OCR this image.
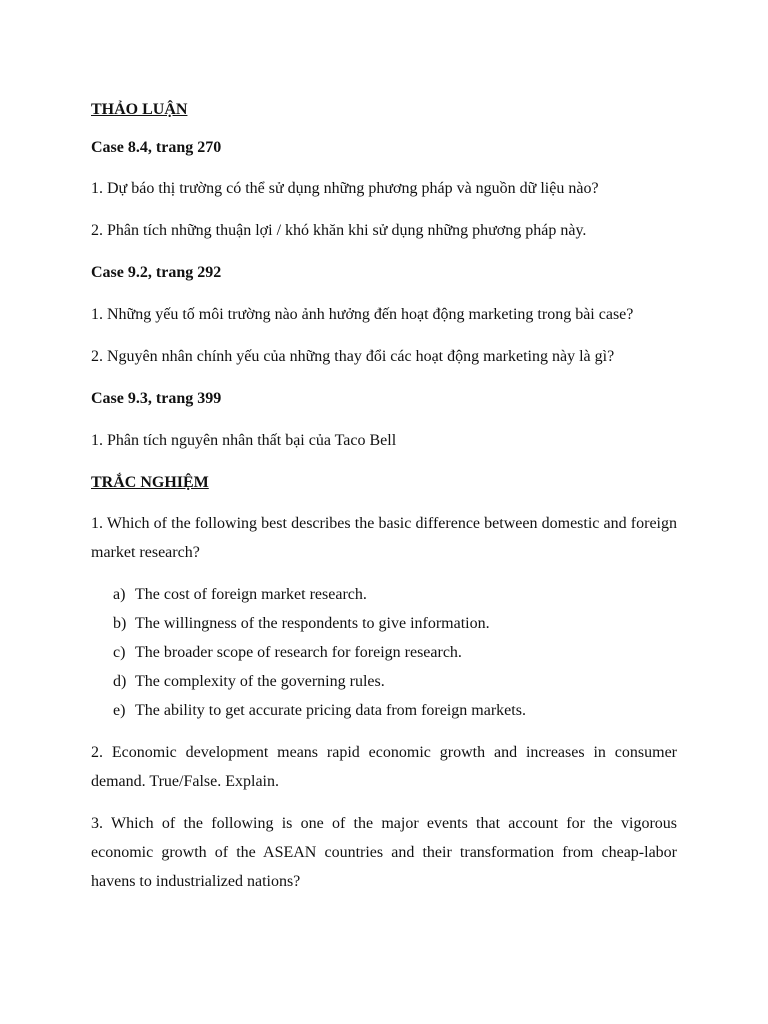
THẢO LUẬN
Case 8.4, trang 270
1. Dự báo thị trường có thể sử dụng những phương pháp và nguồn dữ liệu nào?
2. Phân tích những thuận lợi / khó khăn khi sử dụng những phương pháp này.
Case 9.2, trang 292
1. Những yếu tố môi trường nào ảnh hưởng đến hoạt động marketing trong bài case?
2. Nguyên nhân chính yếu của những thay đổi các hoạt động marketing này là gì?
Case 9.3, trang 399
1. Phân tích nguyên nhân thất bại của Taco Bell
TRẮC NGHIỆM
1. Which of the following best describes the basic difference between domestic and foreign market research?
a) The cost of foreign market research.
b) The willingness of the respondents to give information.
c) The broader scope of research for foreign research.
d) The complexity of the governing rules.
e) The ability to get accurate pricing data from foreign markets.
2. Economic development means rapid economic growth and increases in consumer demand. True/False. Explain.
3. Which of the following is one of the major events that account for the vigorous economic growth of the ASEAN countries and their transformation from cheap-labor havens to industrialized nations?
